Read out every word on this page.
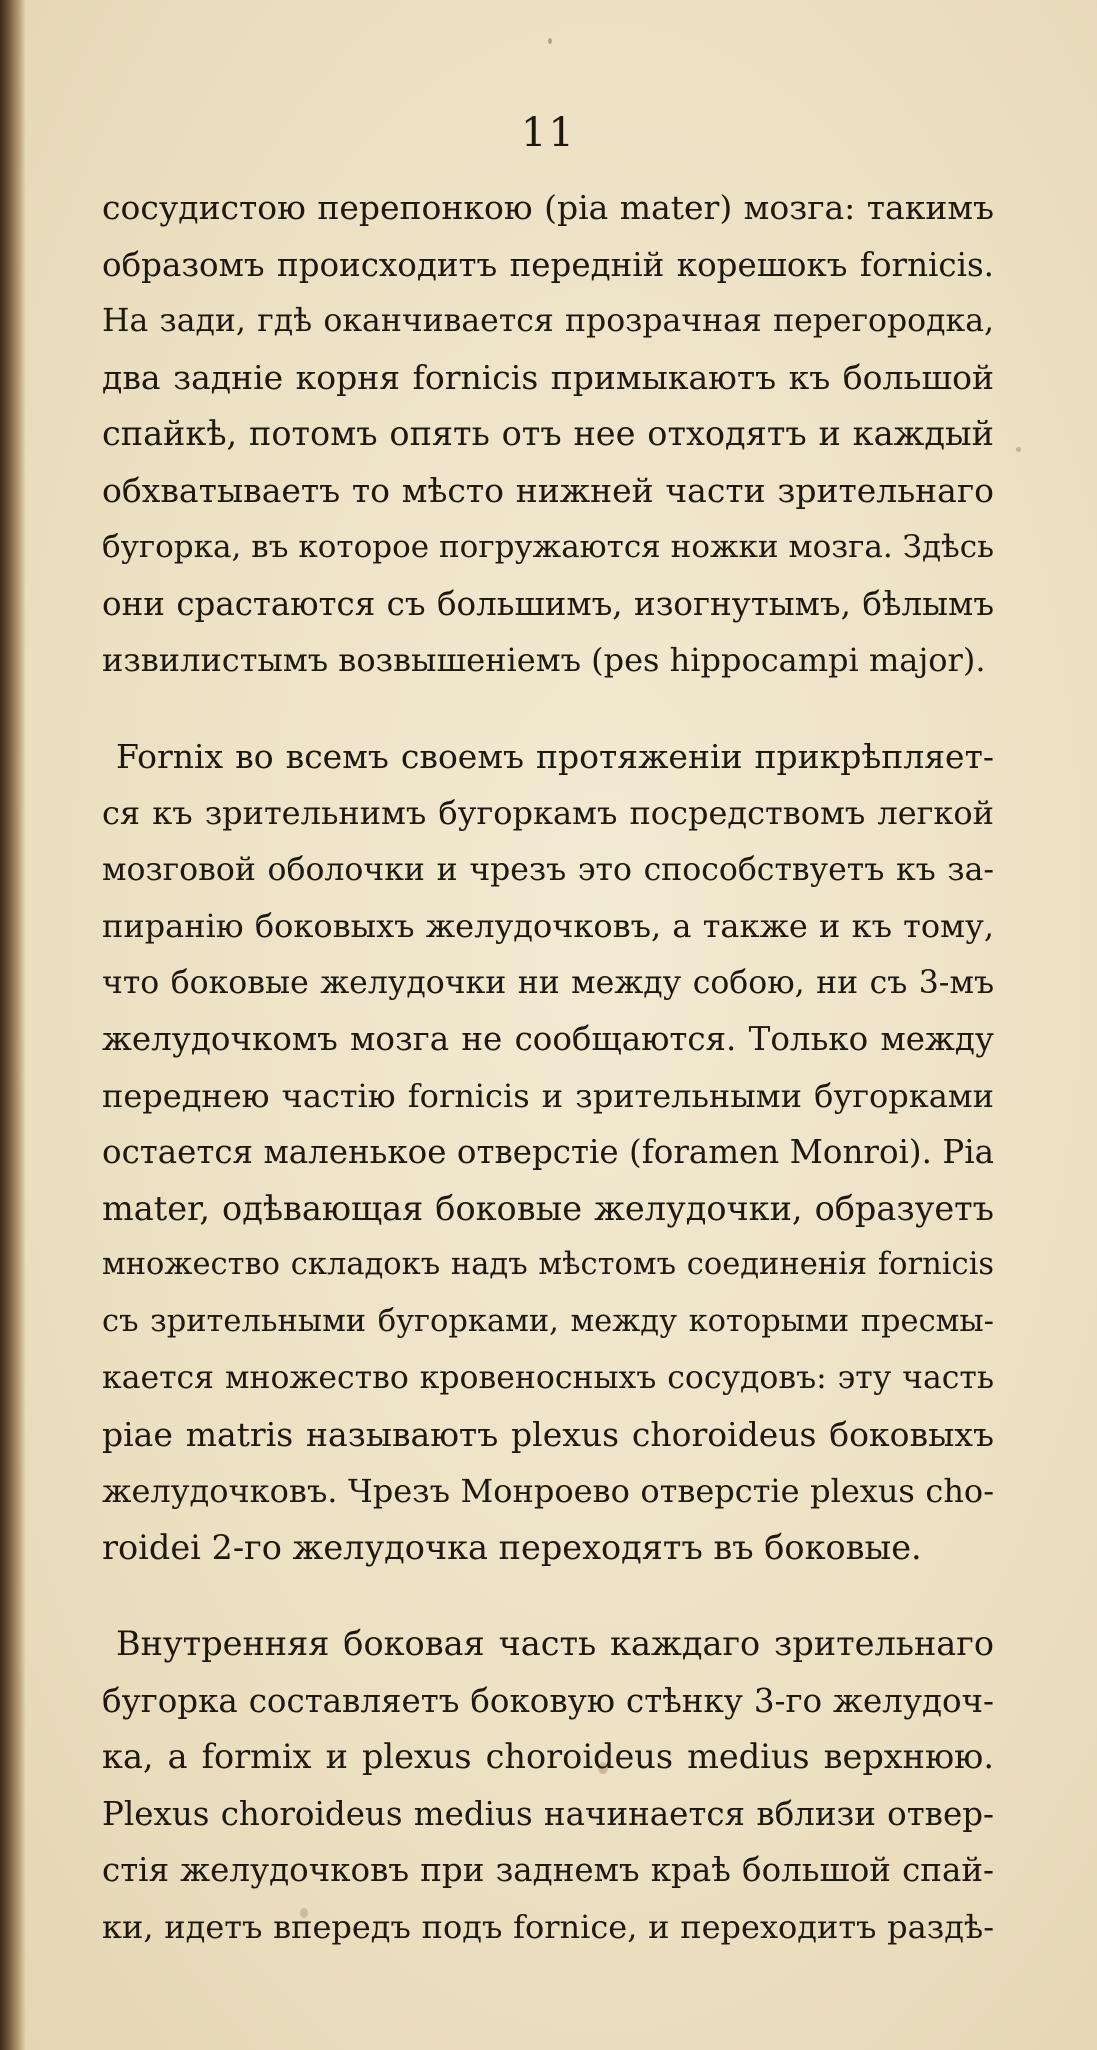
11
сосудистою перепонкою (pia mater) мозга: такимъ
образомъ происходитъ передній корешокъ fornicis.
На зади, гдѣ оканчивается прозрачная перегородка,
два задніе корня fornicis примыкаютъ къ большой
спайкѣ, потомъ опять отъ нее отходятъ и каждый
обхватываетъ то мѣсто нижней части зрительнаго
бугорка, въ которое погружаются ножки мозга. Здѣсь
они срастаются съ большимъ, изогнутымъ, бѣлымъ
извилистымъ возвышеніемъ (pes hippocampi major).
Fornix во всемъ своемъ протяженіи прикрѣпляет-
ся къ зрительнимъ бугоркамъ посредствомъ легкой
мозговой оболочки и чрезъ это способствуетъ къ за-
пиранію боковыхъ желудочковъ, а также и къ тому,
что боковые желудочки ни между собою, ни съ 3-мъ
желудочкомъ мозга не сообщаются. Только между
переднею частію fornicis и зрительными бугорками
остается маленькое отверстіе (foramen Monroi). Pia
mater, одѣвающая боковые желудочки, образуетъ
множество складокъ надъ мѣстомъ соединенія fornicis
съ зрительными бугорками, между которыми пресмы-
кается множество кровеносныхъ сосудовъ: эту часть
piae matris называютъ plexus choroideus боковыхъ
желудочковъ. Чрезъ Монроево отверстіе plexus cho-
roidei 2-го желудочка переходятъ въ боковые.
Внутренняя боковая часть каждаго зрительнаго
бугорка составляетъ боковую стѣнку 3-го желудоч-
ка, а formix и plexus choroideus medius верхнюю.
Plexus choroideus medius начинается вблизи отвер-
стія желудочковъ при заднемъ краѣ большой спай-
ки, идетъ впередъ подъ fornice, и переходитъ раздѣ-
